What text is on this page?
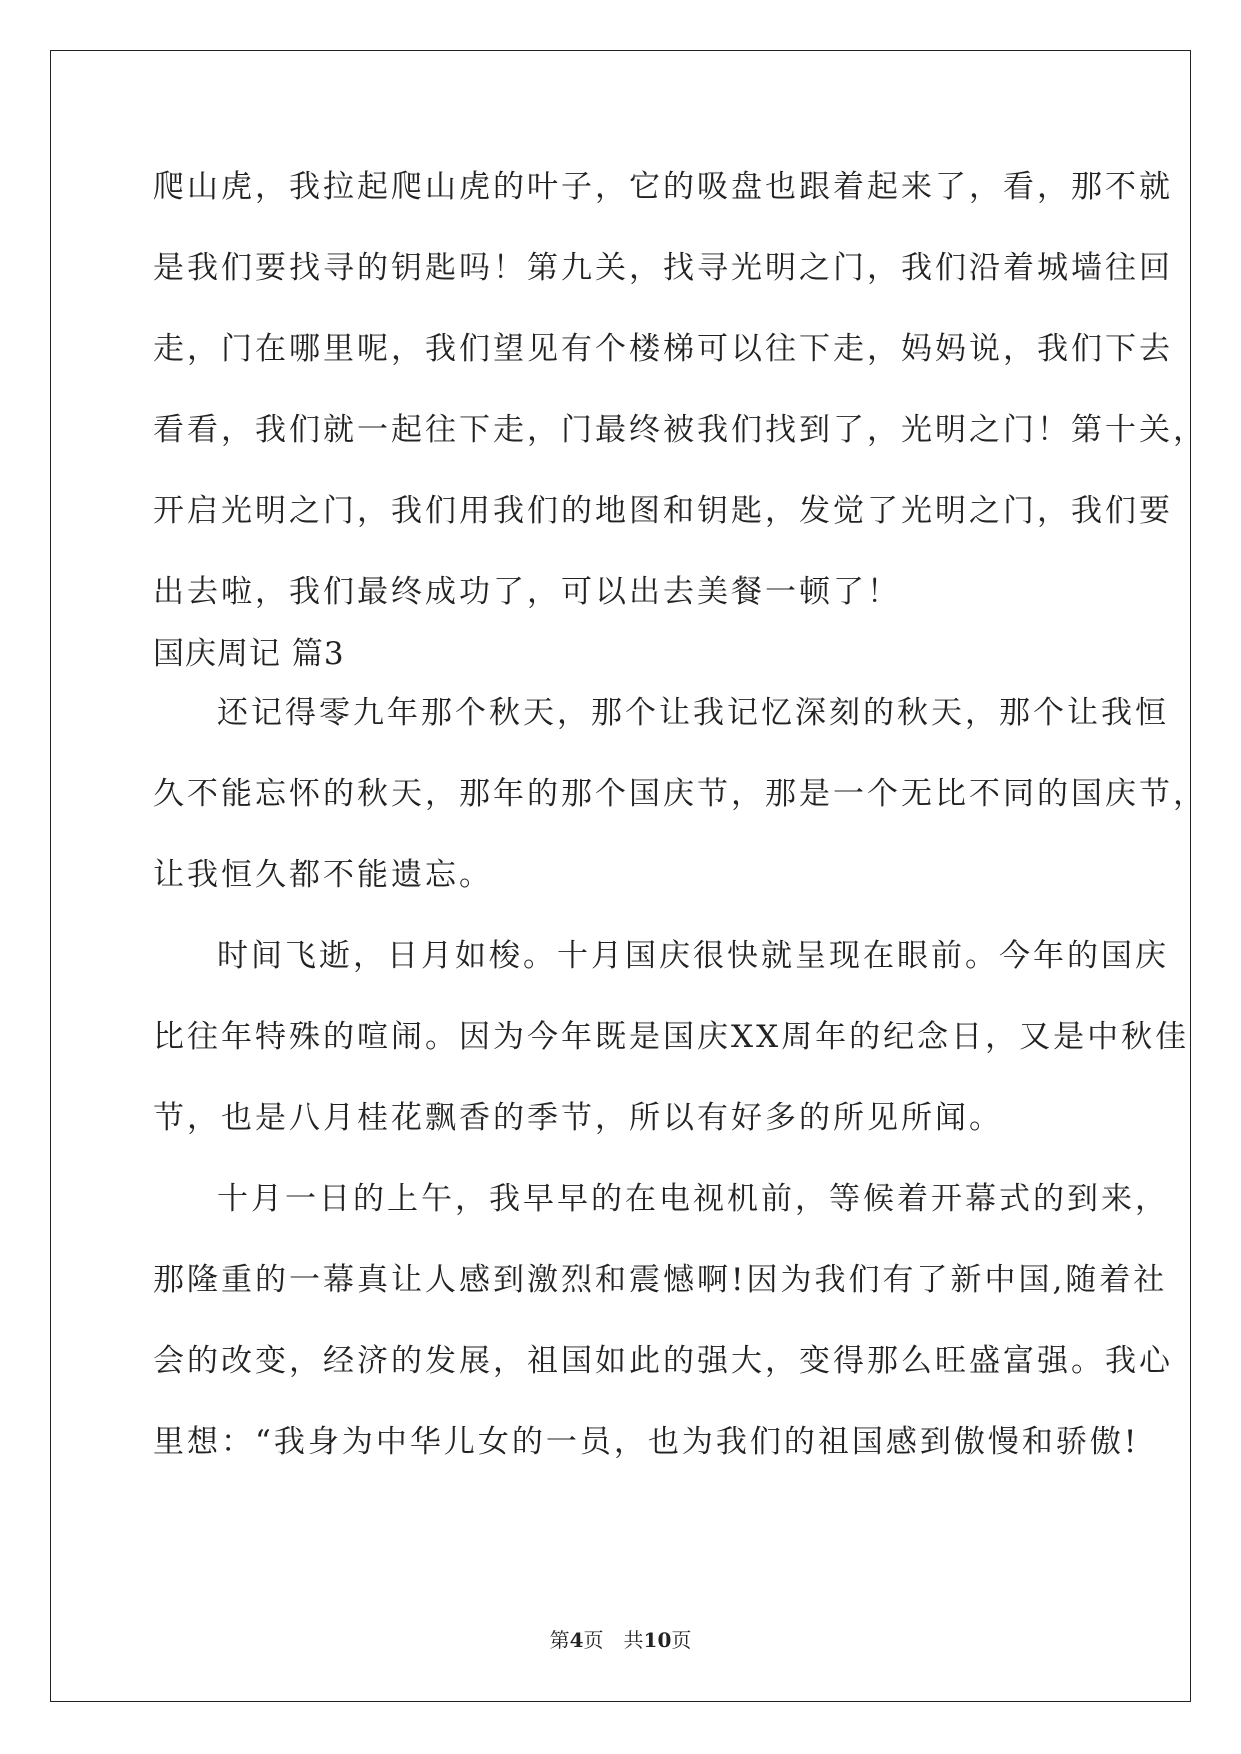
爬山虎，我拉起爬山虎的叶子，它的吸盘也跟着起来了，看，那不就
是我们要找寻的钥匙吗！第九关，找寻光明之门，我们沿着城墙往回
走，门在哪里呢，我们望见有个楼梯可以往下走，妈妈说，我们下去
看看，我们就一起往下走，门最终被我们找到了，光明之门！第十关，
开启光明之门，我们用我们的地图和钥匙，发觉了光明之门，我们要
出去啦，我们最终成功了，可以出去美餐一顿了！
国庆周记 篇3
还记得零九年那个秋天，那个让我记忆深刻的秋天，那个让我恒
久不能忘怀的秋天，那年的那个国庆节，那是一个无比不同的国庆节，
让我恒久都不能遗忘。
时间飞逝，日月如梭。十月国庆很快就呈现在眼前。今年的国庆
比往年特殊的喧闹。因为今年既是国庆XX周年的纪念日，又是中秋佳
节，也是八月桂花飘香的季节，所以有好多的所见所闻。
十月一日的上午，我早早的在电视机前，等候着开幕式的到来，
那隆重的一幕真让人感到激烈和震憾啊!因为我们有了新中国,随着社
会的改变，经济的发展，祖国如此的强大，变得那么旺盛富强。我心
里想：“我身为中华儿女的一员，也为我们的祖国感到傲慢和骄傲!
第4页　共10页
